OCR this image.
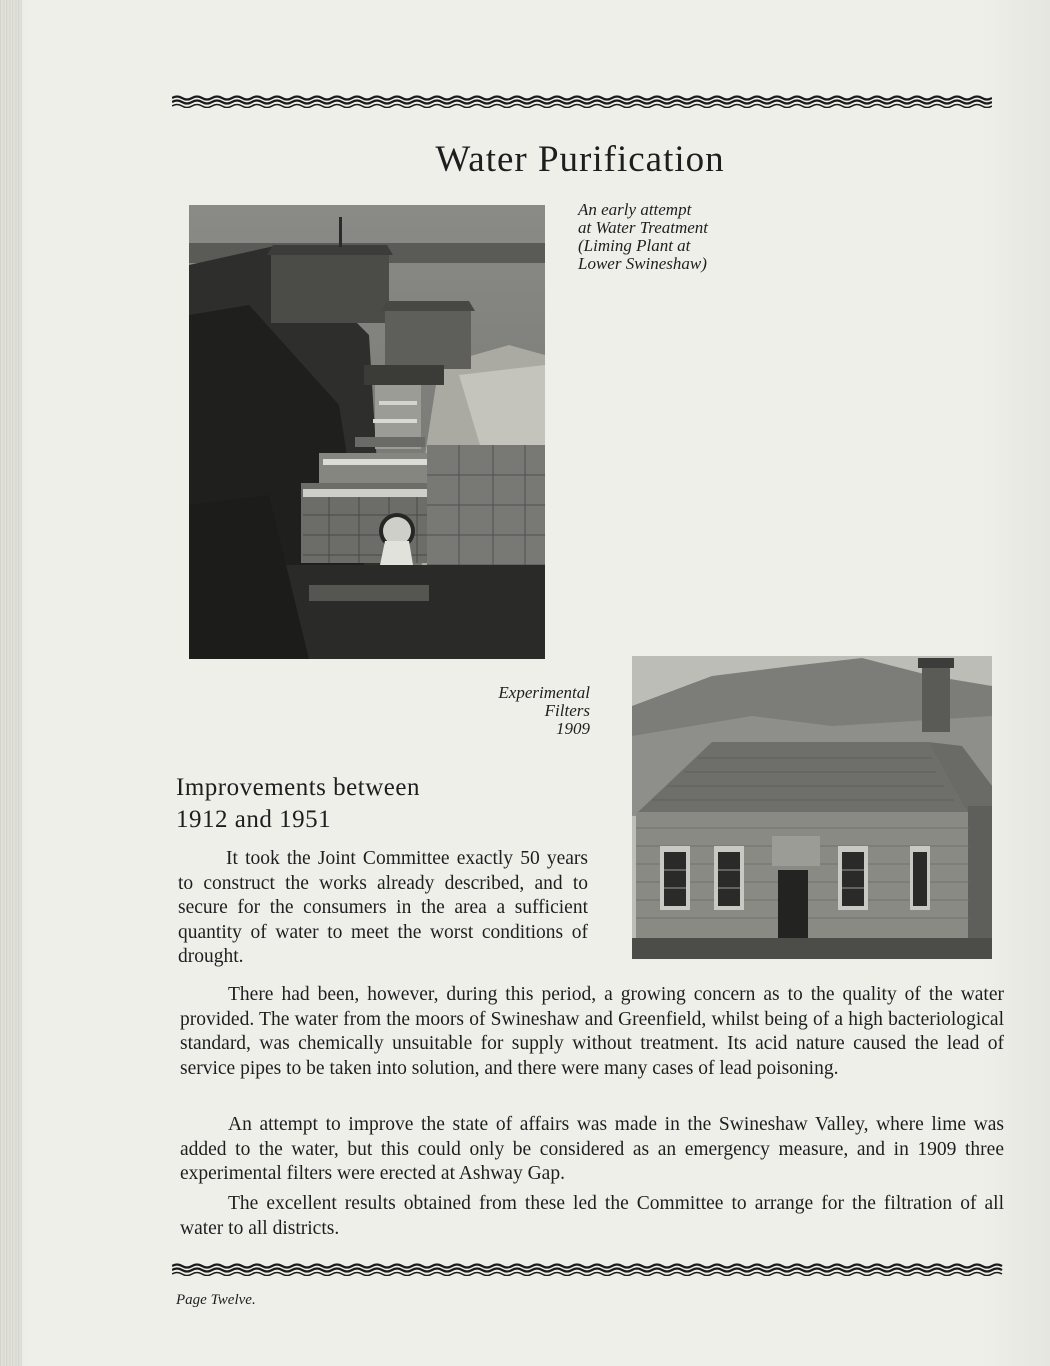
Water Purification
An early attempt
at Water Treatment
(Liming Plant at
Lower Swineshaw)
Experimental
Filters
1909
Improvements between
1912 and 1951

It took the Joint Committee exactly 50 years to construct the works already described, and to secure for the consumers in the area a sufficient quantity of water to meet the worst conditions of drought.

There had been, however, during this period, a growing concern as to the quality of the water provided. The water from the moors of Swineshaw and Greenfield, whilst being of a high bacteriological standard, was chemically unsuitable for supply without treatment. Its acid nature caused the lead of service pipes to be taken into solution, and there were many cases of lead poisoning.

An attempt to improve the state of affairs was made in the Swineshaw Valley, where lime was added to the water, but this could only be considered as an emergency measure, and in 1909 three experimental filters were erected at Ashway Gap.

The excellent results obtained from these led the Committee to arrange for the filtration of all water to all districts.

Page Twelve.
